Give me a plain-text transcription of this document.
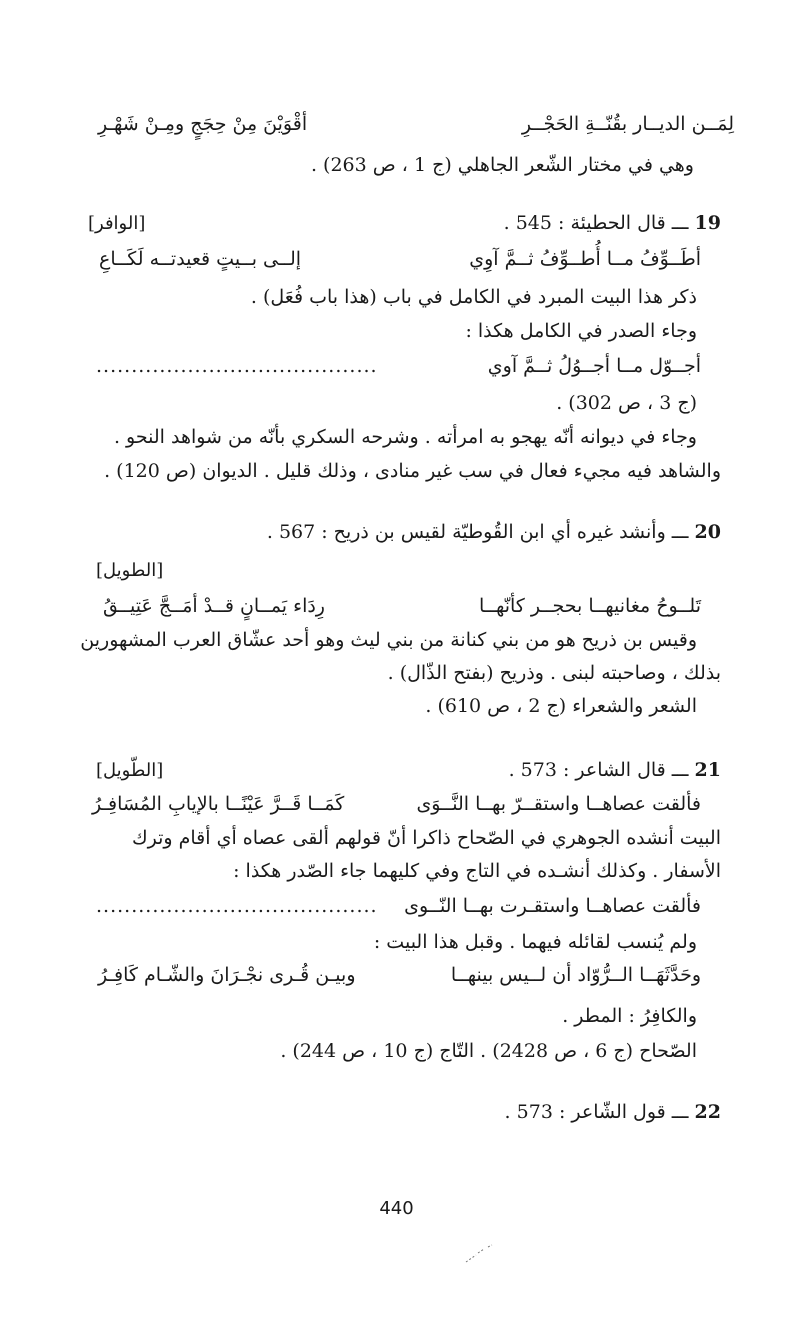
لِمَــن الديــار بقُنّــةِ الحَجْــرِ
أقْوَيْنَ مِنْ حِجَجٍ ومِـنْ شَهْـرِ
وهي في مختار الشّعر الجاهلي (ج 1 ، ص 263) .
19 ـــ قال الحطيئة : 545 .
[الوافر]
أطَــوِّفُ مــا أُطــوِّفُ ثــمَّ آوِي
إلــى بــيتٍ قعيدتــه لَكَــاعِ
ذكر هذا البيت المبرد في الكامل في باب (هذا باب فُعَل) .
وجاء الصدر في الكامل هكذا :
أجــوّل مــا أجــوُلُ ثــمَّ آوي
........................................
(ج 3 ، ص 302) .
وجاء في ديوانه أنّه يهجو به امرأته . وشرحه السكري بأنّه من شواهد النحو .
والشاهد فيه مجيء فعال في سب غير منادى ، وذلك قليل . الديوان (ص 120) .
20 ـــ وأنشد غيره أي ابن القُوطيّة لقيس بن ذريح : 567 .
[الطويل]
تَلــوحُ مغانيهــا بحجــر كأنّهــا
رِدَاء يَمــانٍ قــدْ أمَــجَّ عَتِيــقُ
وقيس بن ذريح هو من بني كنانة من بني ليث وهو أحد عشّاق العرب المشهورين
بذلك ، وصاحبته لبنى . وذريح (بفتح الذّال) .
الشعر والشعراء (ج 2 ، ص 610) .
21 ـــ قال الشاعر : 573 .
[الطّويل]
فألقت عصاهــا واستقــرّ بهــا النَّــوَى
كَمَــا قَــرَّ عَيْنًــا بالإيابِ المُسَافِـرُ
البيت أنشده الجوهري في الصّحاح ذاكرا أنّ قولهم ألقى عصاه أي أقام وترك
الأسفار . وكذلك أنشـده في التاج وفي كليهما جاء الصّدر هكذا :
فألقت عصاهــا واستقـرت بهــا النّــوى
........................................
ولم يُنسب لقائله فيهما . وقبل هذا البيت :
وحَدَّثَهَــا الــرُّوّاد أن لــيس بينهــا
وبيـن قُـرى نجْـرَانَ والشّـام كَافِـرُ
والكافِرُ : المطر .
الصّحاح (ج 6 ، ص 2428) . التّاج (ج 10 ، ص 244) .
22 ـــ قول الشّاعر : 573 .
440
